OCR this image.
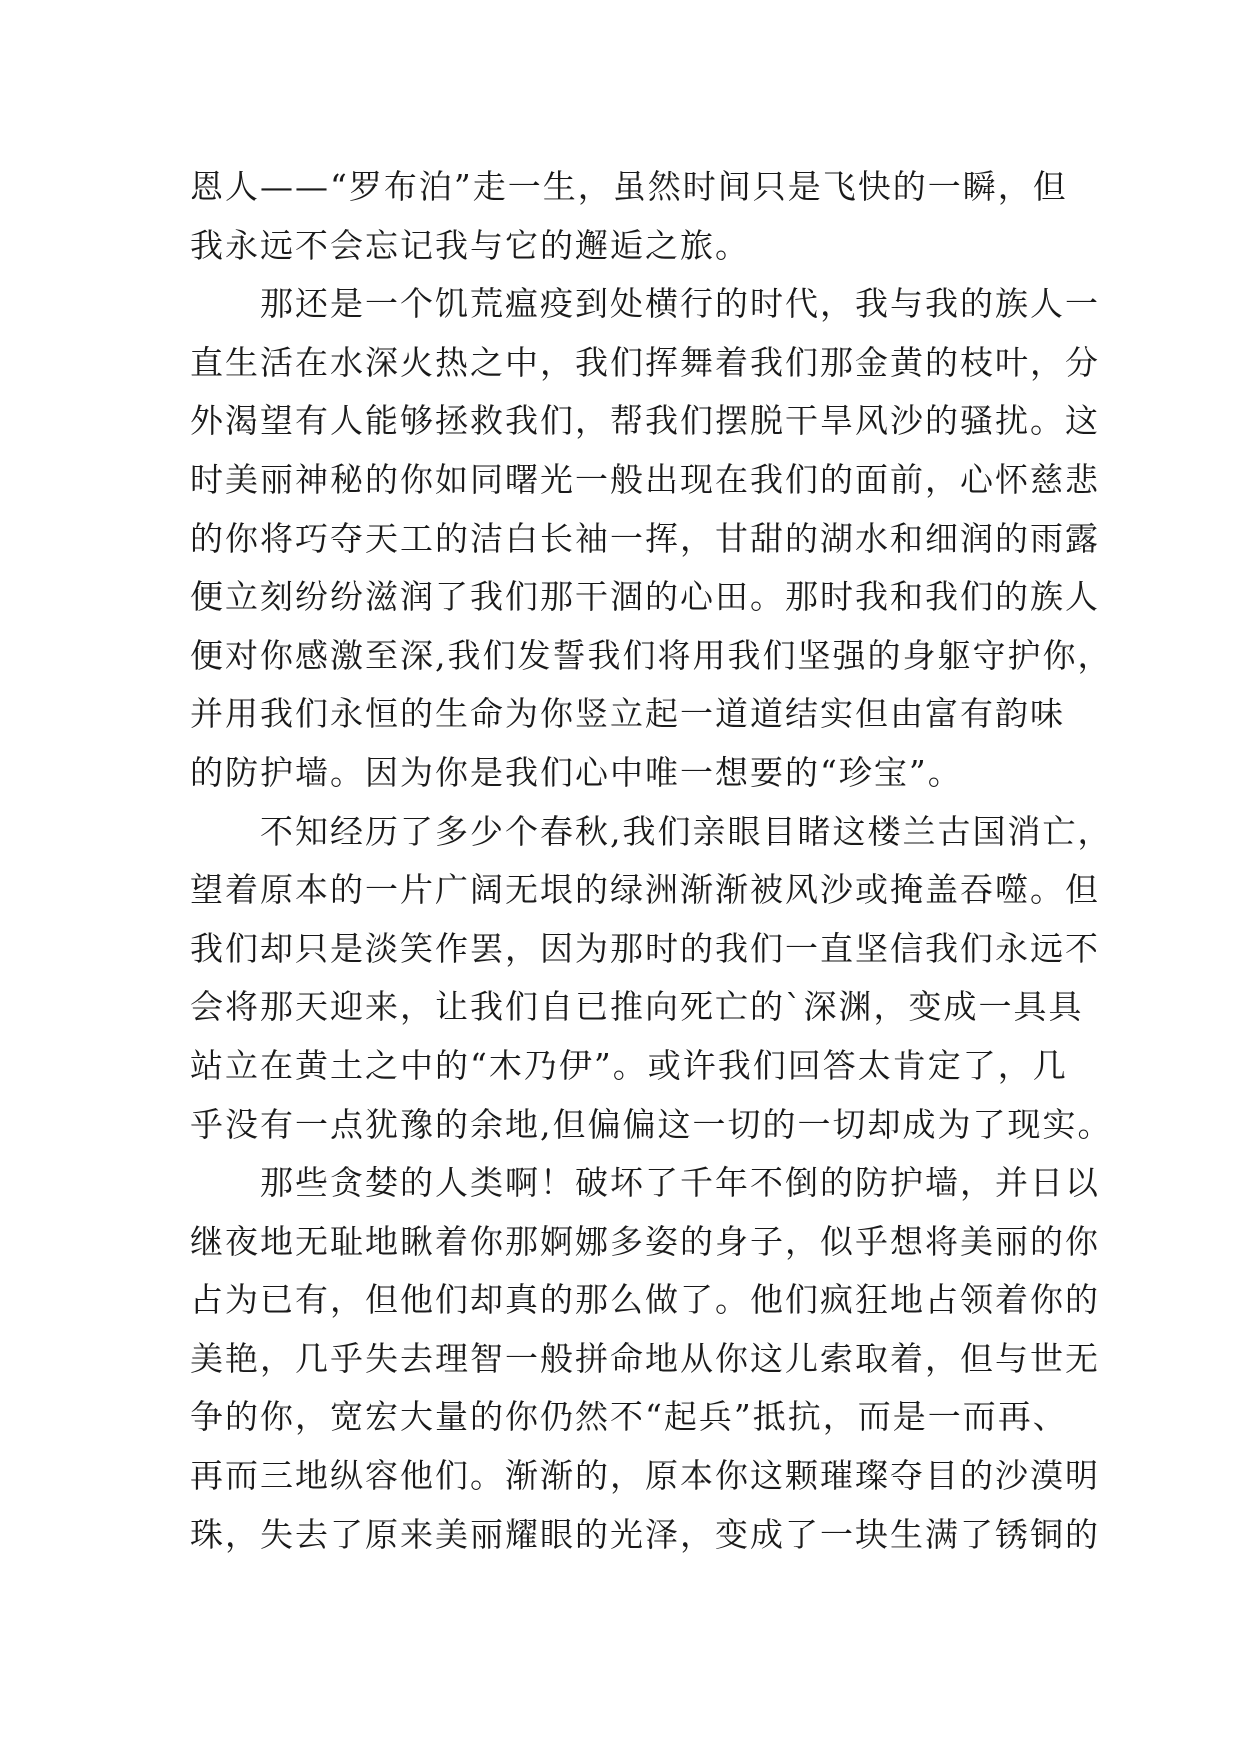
恩人——“罗布泊”走一生，虽然时间只是飞快的一瞬，但
我永远不会忘记我与它的邂逅之旅。
那还是一个饥荒瘟疫到处横行的时代，我与我的族人一
直生活在水深火热之中，我们挥舞着我们那金黄的枝叶，分
外渴望有人能够拯救我们，帮我们摆脱干旱风沙的骚扰。这
时美丽神秘的你如同曙光一般出现在我们的面前，心怀慈悲
的你将巧夺天工的洁白长袖一挥，甘甜的湖水和细润的雨露
便立刻纷纷滋润了我们那干涸的心田。那时我和我们的族人
便对你感激至深,我们发誓我们将用我们坚强的身躯守护你，
并用我们永恒的生命为你竖立起一道道结实但由富有韵味
的防护墙。因为你是我们心中唯一想要的“珍宝”。
不知经历了多少个春秋,我们亲眼目睹这楼兰古国消亡，
望着原本的一片广阔无垠的绿洲渐渐被风沙或掩盖吞噬。但
我们却只是淡笑作罢，因为那时的我们一直坚信我们永远不
会将那天迎来，让我们自已推向死亡的`深渊，变成一具具
站立在黄土之中的“木乃伊”。或许我们回答太肯定了，几
乎没有一点犹豫的余地,但偏偏这一切的一切却成为了现实。
那些贪婪的人类啊！破坏了千年不倒的防护墙，并日以
继夜地无耻地瞅着你那婀娜多姿的身子，似乎想将美丽的你
占为已有，但他们却真的那么做了。他们疯狂地占领着你的
美艳，几乎失去理智一般拼命地从你这儿索取着，但与世无
争的你，宽宏大量的你仍然不“起兵”抵抗，而是一而再、
再而三地纵容他们。渐渐的，原本你这颗璀璨夺目的沙漠明
珠，失去了原来美丽耀眼的光泽，变成了一块生满了锈铜的
